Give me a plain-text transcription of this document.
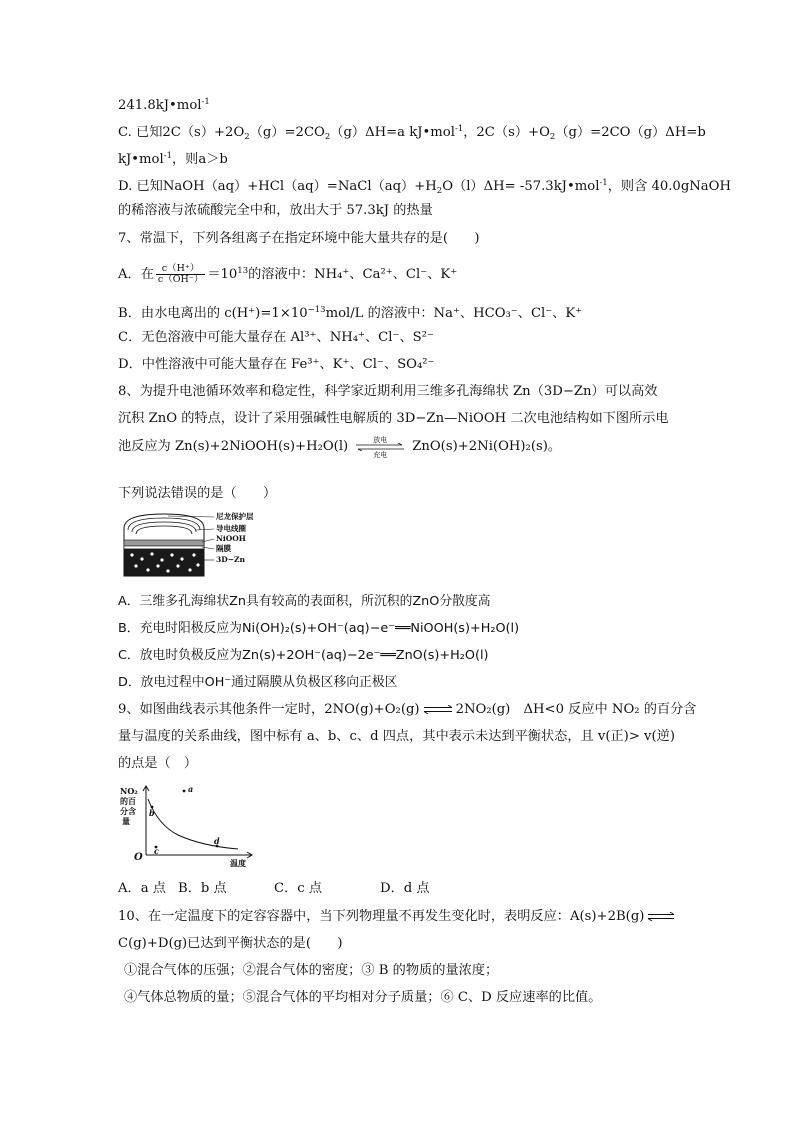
241.8kJ•mol$^{-1}$
C. 已知$2C(s)+2O_2(g)=2CO_2(g)\Delta H=a$ kJ•mol$^{-1}$，$2C(s)+O_2(g)=2CO(g)\Delta H=b$
kJ•mol$^{-1}$，则a＞b
D. 已知$NaOH(aq)+HCl(aq)=NaCl(aq)+H_2O(l)\Delta H=$ -57.3kJ•mol$^{-1}$，则含 40.0gNaOH
的稀溶液与浓硫酸完全中和，放出大于 57.3kJ 的热量
7、常温下，下列各组离子在指定环境中能大量共存的是(　　)
A．在 $\frac{c(H^+)}{c(OH^-)} =10^{13}$的溶液中：NH₄⁺、Ca²⁺、Cl⁻、K⁺
B．由水电离出的 $c(H^+)=1\times 10^{-13}mol/L$ 的溶液中：Na⁺、HCO₃⁻、Cl⁻、K⁺
C．无色溶液中可能大量存在 Al³⁺、NH₄⁺、Cl⁻、S²⁻
D．中性溶液中可能大量存在 Fe³⁺、K⁺、Cl⁻、SO₄²⁻
8、为提升电池循环效率和稳定性，科学家近期利用三维多孔海绵状 Zn（3D−Zn）可以高效
沉积 ZnO 的特点，设计了采用强碱性电解质的 3D−Zn—NiOOH 二次电池结构如下图所示电
池反应为 Zn(s)+2NiOOH(s)+H₂O(l)	放电
充电
ZnO(s)+2Ni(OH)₂(s)。
下列说法错误的是（　　）
尼龙保护层
导电线圈
NiOOH
隔膜
3D−Zn
A．三维多孔海绵状Zn具有较高的表面积，所沉积的ZnO分散度高
B．充电时阳极反应为Ni(OH)₂(s)+OH⁻(aq)−e⁻══NiOOH(s)+H₂O(l)
C．放电时负极反应为Zn(s)+2OH⁻(aq)−2e⁻══ZnO(s)+H₂O(l)
D．放电过程中OH⁻通过隔膜从负极区移向正极区
9、如图曲线表示其他条件一定时，2NO(g)+O₂(g) ⇌ 2NO₂(g)　ΔH<0 反应中 NO₂ 的百分含
量与温度的关系曲线，图中标有 a、b、c、d 四点，其中表示未达到平衡状态，且 v(正)> v(逆)
的点是（　）
NO₂
的百
分含
量
a
b
c
d
O	温度
A．a 点 B．b 点	C．c 点	D．d 点
10、在一定温度下的定容容器中，当下列物理量不再发生变化时，表明反应：A(s)+2B(g) ⇌
C(g)+D(g)已达到平衡状态的是(　　)
①混合气体的压强；②混合气体的密度；③ B 的物质的量浓度；
④气体总物质的量；⑤混合气体的平均相对分子质量；⑥ C、D 反应速率的比值。
